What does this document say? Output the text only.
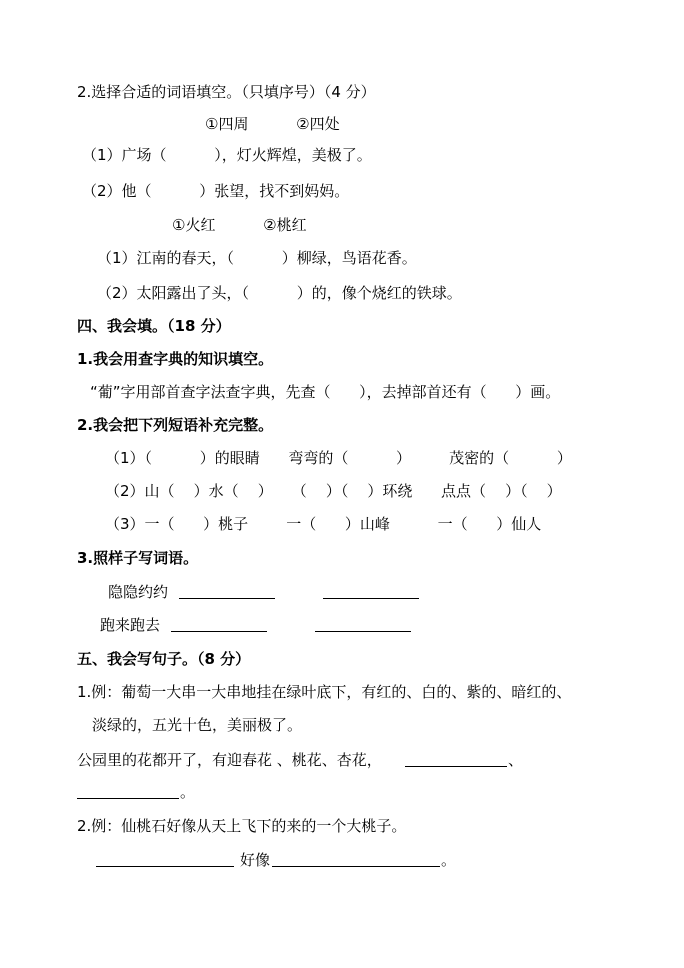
2.选择合适的词语填空。（只填序号）（4 分）
①四周          ②四处
（1）广场（          ），灯火辉煌，美极了。
（2）他（          ）张望，找不到妈妈。
①火红          ②桃红
（1）江南的春天，（          ）柳绿，鸟语花香。
（2）太阳露出了头，（          ）的，像个烧红的铁球。
四、我会填。（18 分）
1.我会用查字典的知识填空。
“葡”字用部首查字法查字典，先查（      ），去掉部首还有（      ）画。
2.我会把下列短语补充完整。
（1）（          ）的眼睛      弯弯的（          ）        茂密的（          ）
（2）山（    ）水（    ）    （    ）（    ）环绕      点点（    ）（    ）
（3）一（      ）桃子        一（      ）山峰          一（      ）仙人
3.照样子写词语。
隐隐约约
跑来跑去
五、我会写句子。（8 分）
1.例：葡萄一大串一大串地挂在绿叶底下，有红的、白的、紫的、暗红的、
淡绿的，五光十色，美丽极了。
公园里的花都开了，有迎春花 、桃花、杏花，	、
。
2.例：仙桃石好像从天上飞下的来的一个大桃子。
好像	。
